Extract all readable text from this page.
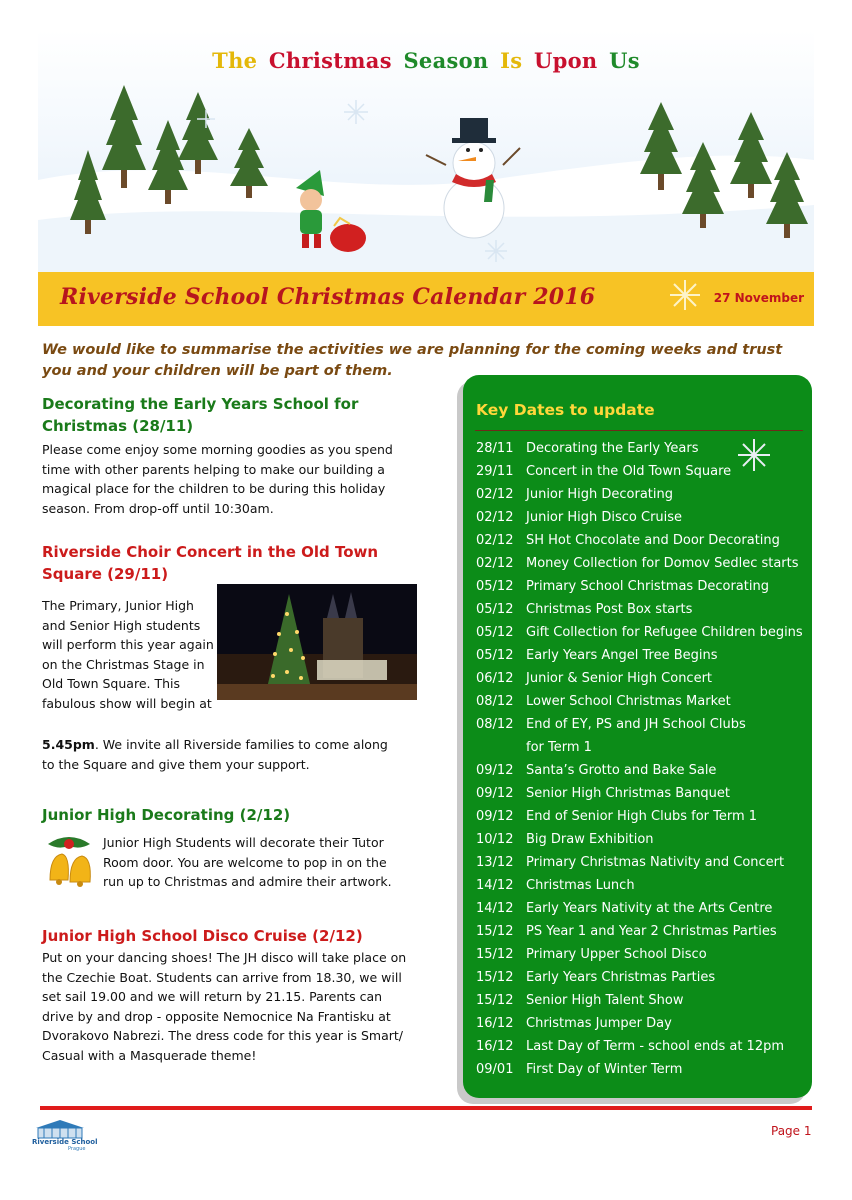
The Christmas Season Is Upon Us
Riverside School Christmas Calendar 2016	27 November
We would like to summarise the activities we are planning for the coming weeks and trust you and your children will be part of them.
Decorating the Early Years School for Christmas (28/11)
Please come enjoy some morning goodies as you spend time with other parents helping to make our building a magical place for the children to be during this holiday season. From drop-off until 10:30am.
Riverside Choir Concert in the Old Town Square (29/11)
The Primary, Junior High and Senior High students will perform this year again on the Christmas Stage in Old Town Square. This fabulous show will begin at
5.45pm. We invite all Riverside families to come along to the Square and give them your support.
Junior High Decorating (2/12)
Junior High Students will decorate their Tutor Room door. You are welcome to pop in on the run up to Christmas and admire their artwork.
Junior High School Disco Cruise (2/12)
Put on your dancing shoes! The JH disco will take place on the Czechie Boat. Students can arrive from 18.30, we will set sail 19.00 and we will return by 21.15. Parents can drive by and drop - opposite Nemocnice Na Frantisku at Dvorakovo Nabrezi. The dress code for this year is Smart/ Casual with a Masquerade theme!
Key Dates to update
28/11 Decorating the Early Years
29/11 Concert in the Old Town Square
02/12 Junior High Decorating
02/12 Junior High Disco Cruise
02/12 SH Hot Chocolate and Door Decorating
02/12 Money Collection for Domov Sedlec starts
05/12 Primary School Christmas Decorating
05/12 Christmas Post Box starts
05/12 Gift Collection for Refugee Children begins
05/12 Early Years Angel Tree Begins
06/12 Junior & Senior High Concert
08/12 Lower School Christmas Market
08/12 End of EY, PS and JH School Clubs
for Term 1
09/12 Santa’s Grotto and Bake Sale
09/12 Senior High Christmas Banquet
09/12 End of Senior High Clubs for Term 1
10/12 Big Draw Exhibition
13/12 Primary Christmas Nativity and Concert
14/12 Christmas Lunch
14/12 Early Years Nativity at the Arts Centre
15/12 PS Year 1 and Year 2 Christmas Parties
15/12 Primary Upper School Disco
15/12 Early Years Christmas Parties
15/12 Senior High Talent Show
16/12 Christmas Jumper Day
16/12 Last Day of Term - school ends at 12pm
09/01 First Day of Winter Term
Riverside School
Prague
Page 1
